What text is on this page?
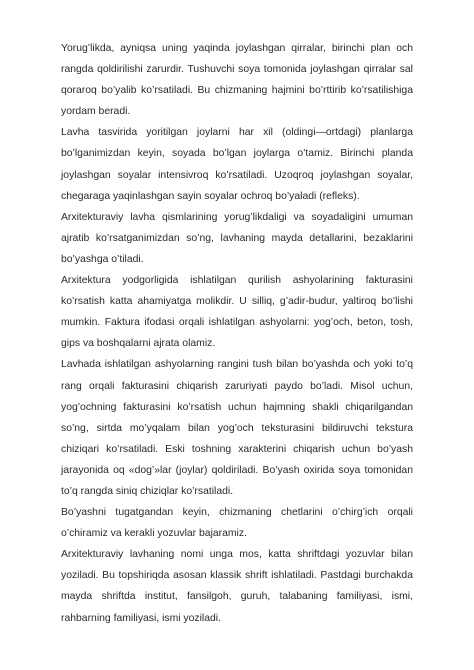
Yorug’likda, ayniqsa uning yaqinda joylashgan qirralar, birinchi plan och rangda qoldirilishi zarurdir. Tushuvchi soya tomonida joylashgan qirralar sal qoraroq bo’yalib ko’rsatiladi. Bu chizmaning hajmini bo’rttirib ko’rsatilishiga yordam beradi.

Lavha tasvirida yoritilgan joylarni har xil (oldingi—ortdagi) planlarga bo’lganimizdan keyin, soyada bo’lgan joylarga o’tamiz. Birinchi planda joylashgan soyalar intensivroq ko’rsatiladi. Uzoqroq joylashgan soyalar, chegaraga yaqinlashgan sayin soyalar ochroq bo’yaladi (refleks).

Arxitekturaviy lavha qismlarining yorug’likdaligi va soyadaligini umuman ajratib ko’rsatganimizdan so’ng, lavhaning mayda detallarini, bezaklarini bo’yashga o’tiladi.

Arxitektura yodgorligida ishlatilgan qurilish ashyolarining fakturasini ko’rsatish katta ahamiyatga molikdir. U silliq, g’adir-budur, yaltiroq bo’lishi mumkin. Faktura ifodasi orqali ishlatilgan ashyolarni: yog’och, beton, tosh, gips va boshqalarni ajrata olamiz.

Lavhada ishlatilgan ashyolarning rangini tush bilan bo’yashda och yoki to’q rang orqali fakturasini chiqarish zaruriyati paydo bo’ladi. Misol uchun, yog’ochning fakturasini ko’rsatish uchun hajmning shakli chiqarilgandan so’ng, sirtda mo’yqalam bilan yog’och teksturasini bildiruvchi tekstura chiziqari ko’rsatiladi. Eski toshning xarakterini chiqarish uchun bo’yash jarayonida oq «dog’»lar (joylar) qoldiriladi. Bo’yash oxirida soya tomonidan to’q rangda siniq chiziqlar ko’rsatiladi.

Bo’yashni tugatgandan keyin, chizmaning chetlarini o’chirg’ich orqali o’chiramiz va kerakli yozuvlar bajaramiz.

Arxitekturaviy lavhaning nomi unga mos, katta shriftdagi yozuvlar bilan yoziladi. Bu topshiriqda asosan klassik shrift ishlatiladi. Pastdagi burchakda mayda shriftda institut, fansilgoh, guruh, talabaning familiyasi, ismi, rahbarning familiyasi, ismi yoziladi.
